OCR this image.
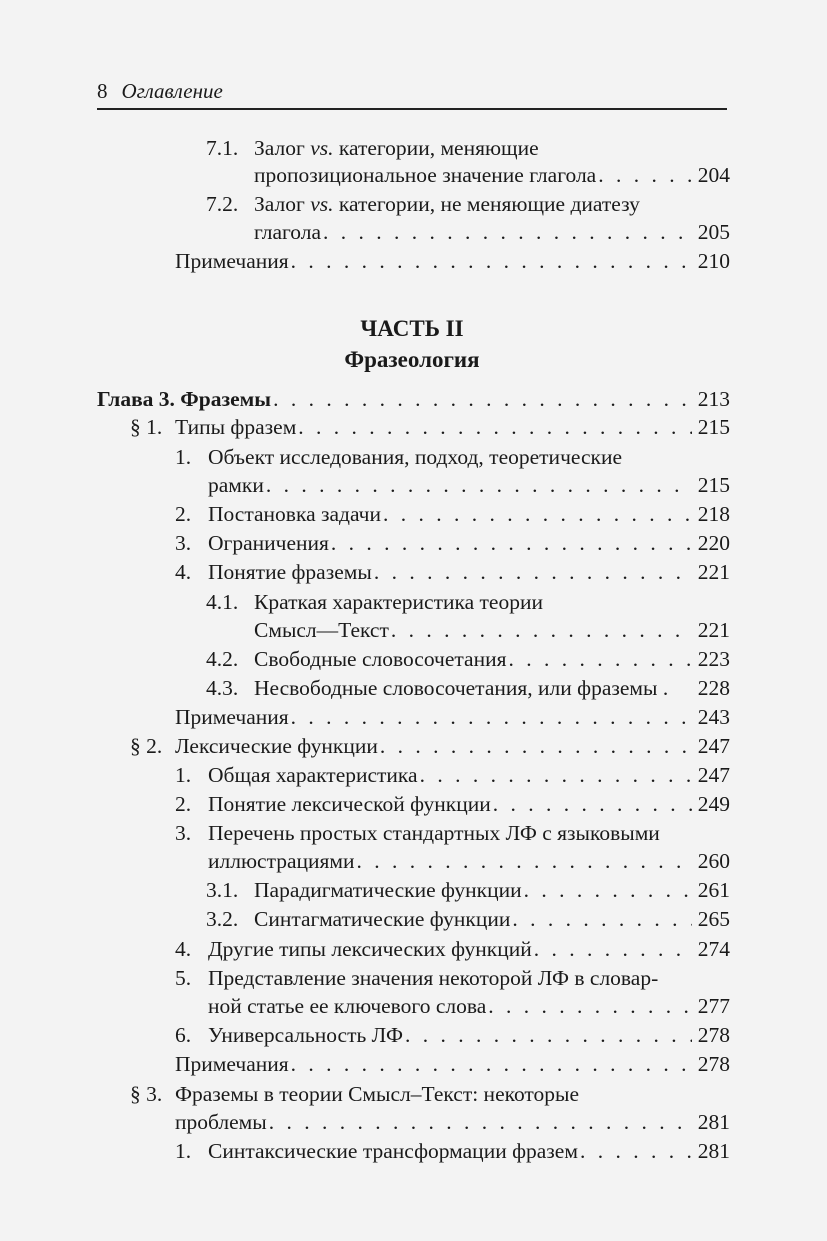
8 Оглавление
7.1. Залог vs. категории, меняющие
пропозициональное значение глагола . . .	204
7.2. Залог vs. категории, не меняющие диатезу
глагола . . .	205
Примечания . . .	210
ЧАСТЬ II
Фразеология
Глава 3. Фраземы . . .	213
§ 1. Типы фразем . . .	215
1. Объект исследования, подход, теоретические
рамки . . .	215
2. Постановка задачи . . .	218
3. Ограничения . . .	220
4. Понятие фраземы . . .	221
4.1. Краткая характеристика теории
Смысл—Текст . . .	221
4.2. Свободные словосочетания . . .	223
4.3. Несвободные словосочетания, или фраземы . 228
Примечания . . .	243
§ 2. Лексические функции . . .	247
1. Общая характеристика . . .	247
2. Понятие лексической функции . . .	249
3. Перечень простых стандартных ЛФ с языковыми
иллюстрациями . . .	260
3.1. Парадигматические функции . . .	261
3.2. Синтагматические функции . . .	265
4. Другие типы лексических функций . . .	274
5. Представление значения некоторой ЛФ в словар-
ной статье ее ключевого слова . . .	277
6. Универсальность ЛФ . . .	278
Примечания . . .	278
§ 3. Фраземы в теории Смысл–Текст: некоторые
проблемы . . .	281
1. Синтаксические трансформации фразем . . .	281
